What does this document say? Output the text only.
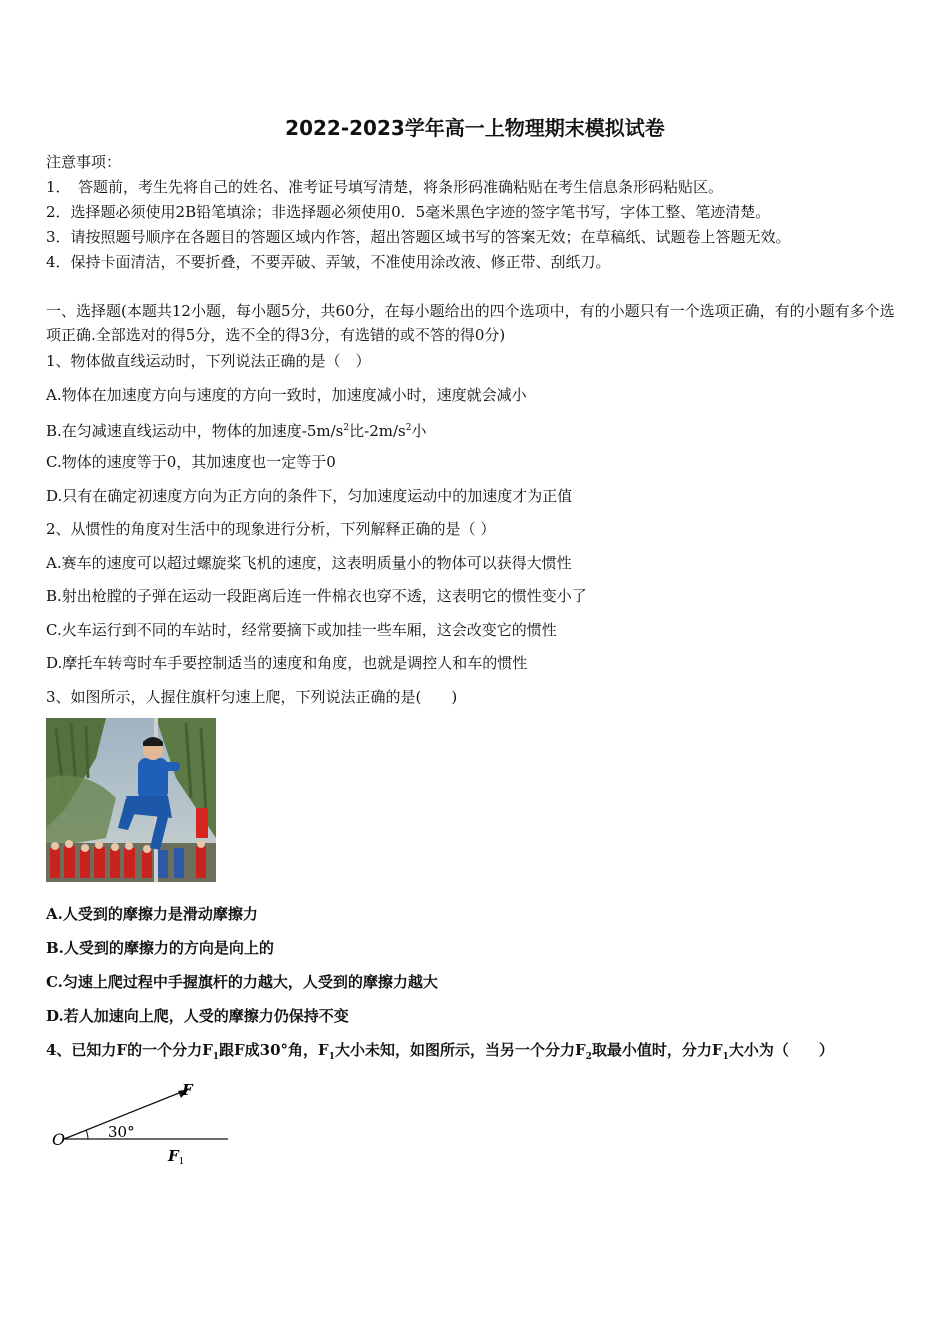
2022-2023学年高一上物理期末模拟试卷
注意事项：
1．　答题前，考生先将自己的姓名、准考证号填写清楚，将条形码准确粘贴在考生信息条形码粘贴区。
2．选择题必须使用2B铅笔填涂；非选择题必须使用0．5毫米黑色字迹的签字笔书写，字体工整、笔迹清楚。
3．请按照题号顺序在各题目的答题区域内作答，超出答题区域书写的答案无效；在草稿纸、试题卷上答题无效。
4．保持卡面清洁，不要折叠，不要弄破、弄皱，不准使用涂改液、修正带、刮纸刀。
一、选择题(本题共12小题，每小题5分，共60分，在每小题给出的四个选项中，有的小题只有一个选项正确，有的小题有多个选项正确.全部选对的得5分，选不全的得3分，有选错的或不答的得0分)
1、物体做直线运动时，下列说法正确的是（　）
A.物体在加速度方向与速度的方向一致时，加速度减小时，速度就会减小
B.在匀减速直线运动中，物体的加速度$-5m/s^2$比$-2m/s^2$小
C.物体的速度等于0，其加速度也一定等于0
D.只有在确定初速度方向为正方向的条件下，匀加速度运动中的加速度才为正值
2、从惯性的角度对生活中的现象进行分析，下列解释正确的是（ ）
A.赛车的速度可以超过螺旋桨飞机的速度，这表明质量小的物体可以获得大惯性
B.射出枪膛的子弹在运动一段距离后连一件棉衣也穿不透，这表明它的惯性变小了
C.火车运行到不同的车站时，经常要摘下或加挂一些车厢，这会改变它的惯性
D.摩托车转弯时车手要控制适当的速度和角度，也就是调控人和车的惯性
3、如图所示，人握住旗杆匀速上爬，下列说法正确的是(　　)
A.人受到的摩擦力是滑动摩擦力
B.人受到的摩擦力的方向是向上的
C.匀速上爬过程中手握旗杆的力越大，人受到的摩擦力越大
D.若人加速向上爬，人受的摩擦力仍保持不变
4、已知力F的一个分力$F_1$跟F成30°角，$F_1$大小未知，如图所示，当另一个分力$F_2$取最小值时，分力$F_1$大小为（　　）
O
F
30°
$F_1$
